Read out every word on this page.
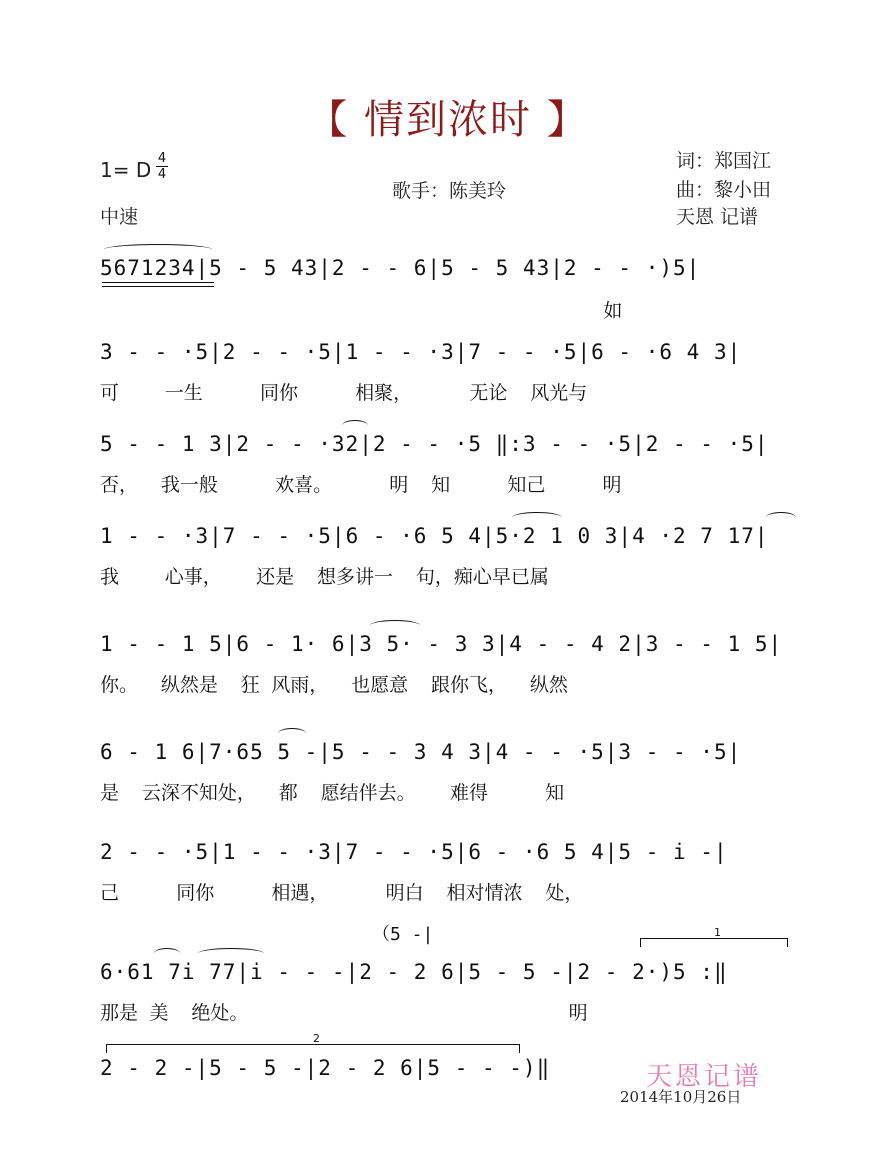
【 情到浓时 】
1= D 4
4
中速
歌手：陈美玲
词：郑国江
曲：黎小田
天恩 记谱
5671234|5 - 5 43|2 - - 6|5 - 5 43|2 - - ·)5|
如
3 - - ·5|2 - - ·5|1 - - ·3|7 - - ·5|6 - ·6 4 3|
可    一生     同你     相聚，     无论  风光与
5 - - 1 3|2 - - ·32|2 - - ·5 ‖:3 - - ·5|2 - - ·5|
否，  我一般     欢喜。     明  知     知己     明
1 - - ·3|7 - - ·5|6 - ·6 5 4|5·2 1 0 3|4 ·2 7 17|
我    心事，   还是  想多讲一  句，痴心早已属
1 - - 1 5|6 - 1· 6|3 5· - 3 3|4 - - 4 2|3 - - 1 5|
你。  纵然是  狂 风雨，  也愿意  跟你飞，  纵然
6 - 1 6|7·65 5 -|5 - - 3 4 3|4 - - ·5|3 - - ·5|
是  云深不知处，  都  愿结伴去。   难得     知
2 - - ·5|1 - - ·3|7 - - ·5|6 - ·6 5 4|5 - i -|
己     同你     相遇，     明白  相对情浓  处，
（5 -|	1
6·61 7i 77|i - - -|2 - 2 6|5 - 5 -|2 - 2·)5 :‖
那是 美  绝处。                            明
2
2 - 2 -|5 - 5 -|2 - 2 6|5 - - -)‖	天恩记谱
2014年10月26日
